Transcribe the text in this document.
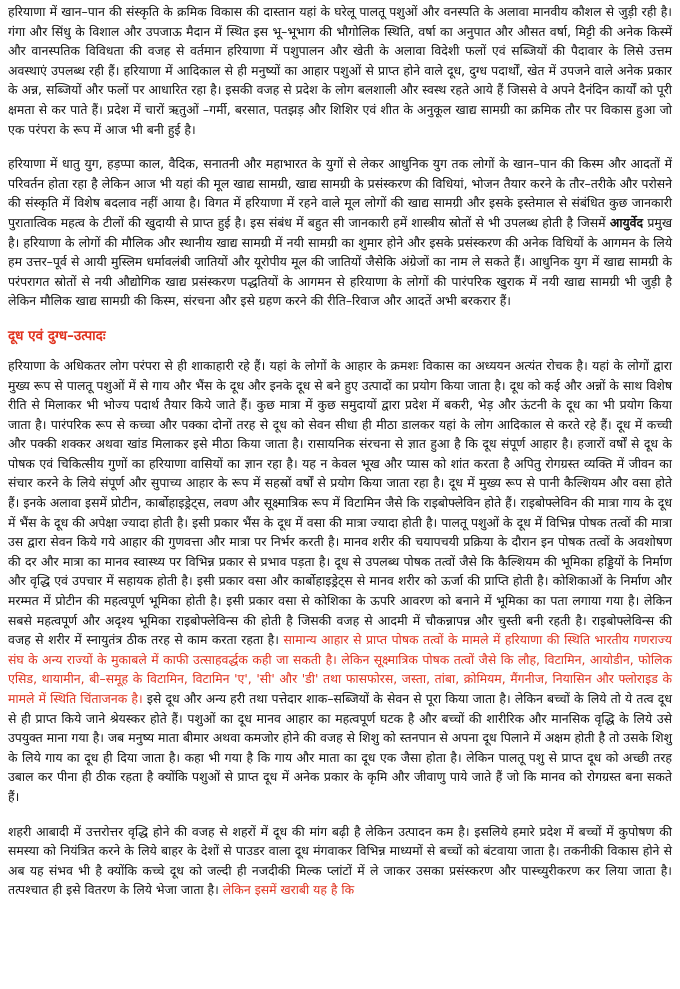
हरियाणा में खान–पान की संस्कृति के क्रमिक विकास की दास्तान यहां के घरेलू पालतू पशुओं और वनस्पति के अलावा मानवीय कौशल से जुड़ी रही है। गंगा और सिंधु के विशाल और उपजाऊ मैदान में स्थित इस भू–भूभाग की भौगोलिक स्थिति, वर्षा का अनुपात और औसत वर्षा, मिट्टी की अनेक किस्में और वानस्पतिक विविधता की वजह से वर्तमान हरियाणा में पशुपालन और खेती के अलावा विदेशी फलों एवं सब्जियों की पैदावार के लिसे उत्तम अवस्थाएं उपलब्ध रही हैं। हरियाणा में आदिकाल से ही मनुष्यों का आहार पशुओं से प्राप्त होने वाले दूध, दुग्ध पदार्थों, खेत में उपजने वाले अनेक प्रकार के अन्न, सब्जियों और फलों पर आधारित रहा है। इसकी वजह से प्रदेश के लोग बलशाली और स्वस्थ रहते आये हैं जिससे वे अपने दैनंदिन कार्यों को पूरी क्षमता से कर पाते हैं। प्रदेश में चारों ऋतुओं –गर्मी, बरसात, पतझड़ और शिशिर एवं शीत के अनुकूल खाद्य सामग्री का क्रमिक तौर पर विकास हुआ जो एक परंपरा के रूप में आज भी बनी हुई है।

हरियाणा में धातु युग, हड़प्पा काल, वैदिक, सनातनी और महाभारत के युगों से लेकर आधुनिक युग तक लोगों के खान–पान की किस्म और आदतों में परिवर्तन होता रहा है लेकिन आज भी यहां की मूल खाद्य सामग्री, खाद्य सामग्री के प्रसंस्करण की विधियां, भोजन तैयार करने के तौर–तरीके और परोसने की संस्कृति में विशेष बदलाव नहीं आया है। विगत में हरियाणा में रहने वाले मूल लोगों की खाद्य सामग्री और इसके इस्तेमाल से संबंधित कुछ जानकारी पुरातात्विक महत्व के टीलों की खुदायी से प्राप्त हुई है। इस संबंध में बहुत सी जानकारी हमें शास्त्रीय स्रोतों से भी उपलब्ध होती है जिसमें आयुर्वेद प्रमुख है। हरियाणा के लोगों की मौलिक और स्थानीय खाद्य सामग्री में नयी सामग्री का शुमार होने और इसके प्रसंस्करण की अनेक विधियों के आगमन के लिये हम उत्तर–पूर्व से आयी मुस्लिम धर्मावलंबी जातियों और यूरोपीय मूल की जातियों जैसेकि अंग्रेजों का नाम ले सकते हैं। आधुनिक युग में खाद्य सामग्री के परंपरागत स्रोतों से नयी औद्योगिक खाद्य प्रसंस्करण पद्धतियों के आगमन से हरियाणा के लोगों की पारंपरिक खुराक में नयी खाद्य सामग्री भी जुड़ी है लेकिन मौलिक खाद्य सामग्री की किस्म, संरचना और इसे ग्रहण करने की रीति–रिवाज और आदतें अभी बरकरार हैं।

दूध एवं दुग्ध–उत्पादः

हरियाणा के अधिकतर लोग परंपरा से ही शाकाहारी रहे हैं। यहां के लोगों के आहार के क्रमशः विकास का अध्ययन अत्यंत रोचक है। यहां के लोगों द्वारा मुख्य रूप से पालतू पशुओं में से गाय और भैंस के दूध और इनके दूध से बने हुए उत्पादों का प्रयोग किया जाता है। दूध को कई और अन्नों के साथ विशेष रीति से मिलाकर भी भोज्य पदार्थ तैयार किये जाते हैं। कुछ मात्रा में कुछ समुदायों द्वारा प्रदेश में बकरी, भेड़ और ऊंटनी के दूध का भी प्रयोग किया जाता है। पारंपरिक रूप से कच्चा और पक्का दोनों तरह से दूध को सेवन सीधा ही मीठा डालकर यहां के लोग आदिकाल से करते रहे हैं। दूध में कच्ची और पक्की शक्कर अथवा खांड मिलाकर इसे मीठा किया जाता है। रासायनिक संरचना से ज्ञात हुआ है कि दूध संपूर्ण आहार है। हजारों वर्षों से दूध के पोषक एवं चिकित्सीय गुणों का हरियाणा वासियों का ज्ञान रहा है। यह न केवल भूख और प्यास को शांत करता है अपितु रोगग्रस्त व्यक्ति में जीवन का संचार करने के लिये संपूर्ण और सुपाच्य आहार के रूप में सहस्रों वर्षों से प्रयोग किया जाता रहा है। दूध में मुख्य रूप से पानी कैल्शियम और वसा होते हैं। इनके अलावा इसमें प्रोटीन, कार्बोहाइड्रेट्स, लवण और सूक्ष्मात्रिक रूप में विटामिन जैसे कि राइबोफ्लेविन होते हैं। राइबोफ्लेविन की मात्रा गाय के दूध में भैंस के दूध की अपेक्षा ज्यादा होती है। इसी प्रकार भैंस के दूध में वसा की मात्रा ज्यादा होती है। पालतू पशुओं के दूध में विभिन्न पोषक तत्वों की मात्रा उस द्वारा सेवन किये गये आहार की गुणवत्ता और मात्रा पर निर्भर करती है। मानव शरीर की चयापचयी प्रक्रिया के दौरान इन पोषक तत्वों के अवशोषण की दर और मात्रा का मानव स्वास्थ्य पर विभिन्न प्रकार से प्रभाव पड़ता है। दूध से उपलब्ध पोषक तत्वों जैसे कि कैल्शियम की भूमिका हड्डियों के निर्माण और वृद्धि एवं उपचार में सहायक होती है। इसी प्रकार वसा और कार्बोहाइड्रेट्स से मानव शरीर को ऊर्जा की प्राप्ति होती है। कोशिकाओं के निर्माण और मरम्मत में प्रोटीन की महत्वपूर्ण भूमिका होती है। इसी प्रकार वसा से कोशिका के ऊपरि आवरण को बनाने में भूमिका का पता लगाया गया है। लेकिन सबसे महत्वपूर्ण और अदृश्य भूमिका राइबोफ्लेविन्स की होती है जिसकी वजह से आदमी में चौकन्नापन्न और चुस्ती बनी रहती है। राइबोफ्लेविन्स की वजह से शरीर में स्नायुतंत्र ठीक तरह से काम करता रहता है। सामान्य आहार से प्राप्त पोषक तत्वों के मामले में हरियाणा की स्थिति भारतीय गणराज्य संघ के अन्य राज्यों के मुकाबले में काफी उत्साहवर्द्धक कही जा सकती है। लेकिन सूक्ष्मात्रिक पोषक तत्वों जैसे कि लौह, विटामिन, आयोडीन, फोलिक एसिड, थायामीन, बी–समूह के विटामिन, विटामिन 'ए', 'सी' और 'डी' तथा फासफोरस, जस्ता, तांबा, क्रोमियम, मैंगनीज, नियासिन और फ्लोराइड के मामले में स्थिति चिंताजनक है। इसे दूध और अन्य हरी तथा पत्तेदार शाक–सब्जियों के सेवन से पूरा किया जाता है। लेकिन बच्चों के लिये तो ये तत्व दूध से ही प्राप्त किये जाने श्रेयस्कर होते हैं। पशुओं का दूध मानव आहार का महत्वपूर्ण घटक है और बच्चों की शारीरिक और मानसिक वृद्धि के लिये उसे उपयुक्त माना गया है। जब मनुष्य माता बीमार अथवा कमजोर होने की वजह से शिशु को स्तनपान से अपना दूध पिलाने में अक्षम होती है तो उसके शिशु के लिये गाय का दूध ही दिया जाता है। कहा भी गया है कि गाय और माता का दूध एक जैसा होता है। लेकिन पालतू पशु से प्राप्त दूध को अच्छी तरह उबाल कर पीना ही ठीक रहता है क्योंकि पशुओं से प्राप्त दूध में अनेक प्रकार के कृमि और जीवाणु पाये जाते हैं जो कि मानव को रोगग्रस्त बना सकते हैं।

शहरी आबादी में उत्तरोत्तर वृद्धि होने की वजह से शहरों में दूध की मांग बढ़ी है लेकिन उत्पादन कम है। इसलिये हमारे प्रदेश में बच्चों में कुपोषण की समस्या को नियंत्रित करने के लिये बाहर के देशों से पाउडर वाला दूध मंगवाकर विभिन्न माध्यमों से बच्चों को बंटवाया जाता है। तकनीकी विकास होने से अब यह संभव भी है क्योंकि कच्चे दूध को जल्दी ही नजदीकी मिल्क प्लांटों में ले जाकर उसका प्रसंस्करण और पास्च्युरीकरण कर लिया जाता है। तत्पश्चात ही इसे वितरण के लिये भेजा जाता है। लेकिन इसमें खराबी यह है कि
